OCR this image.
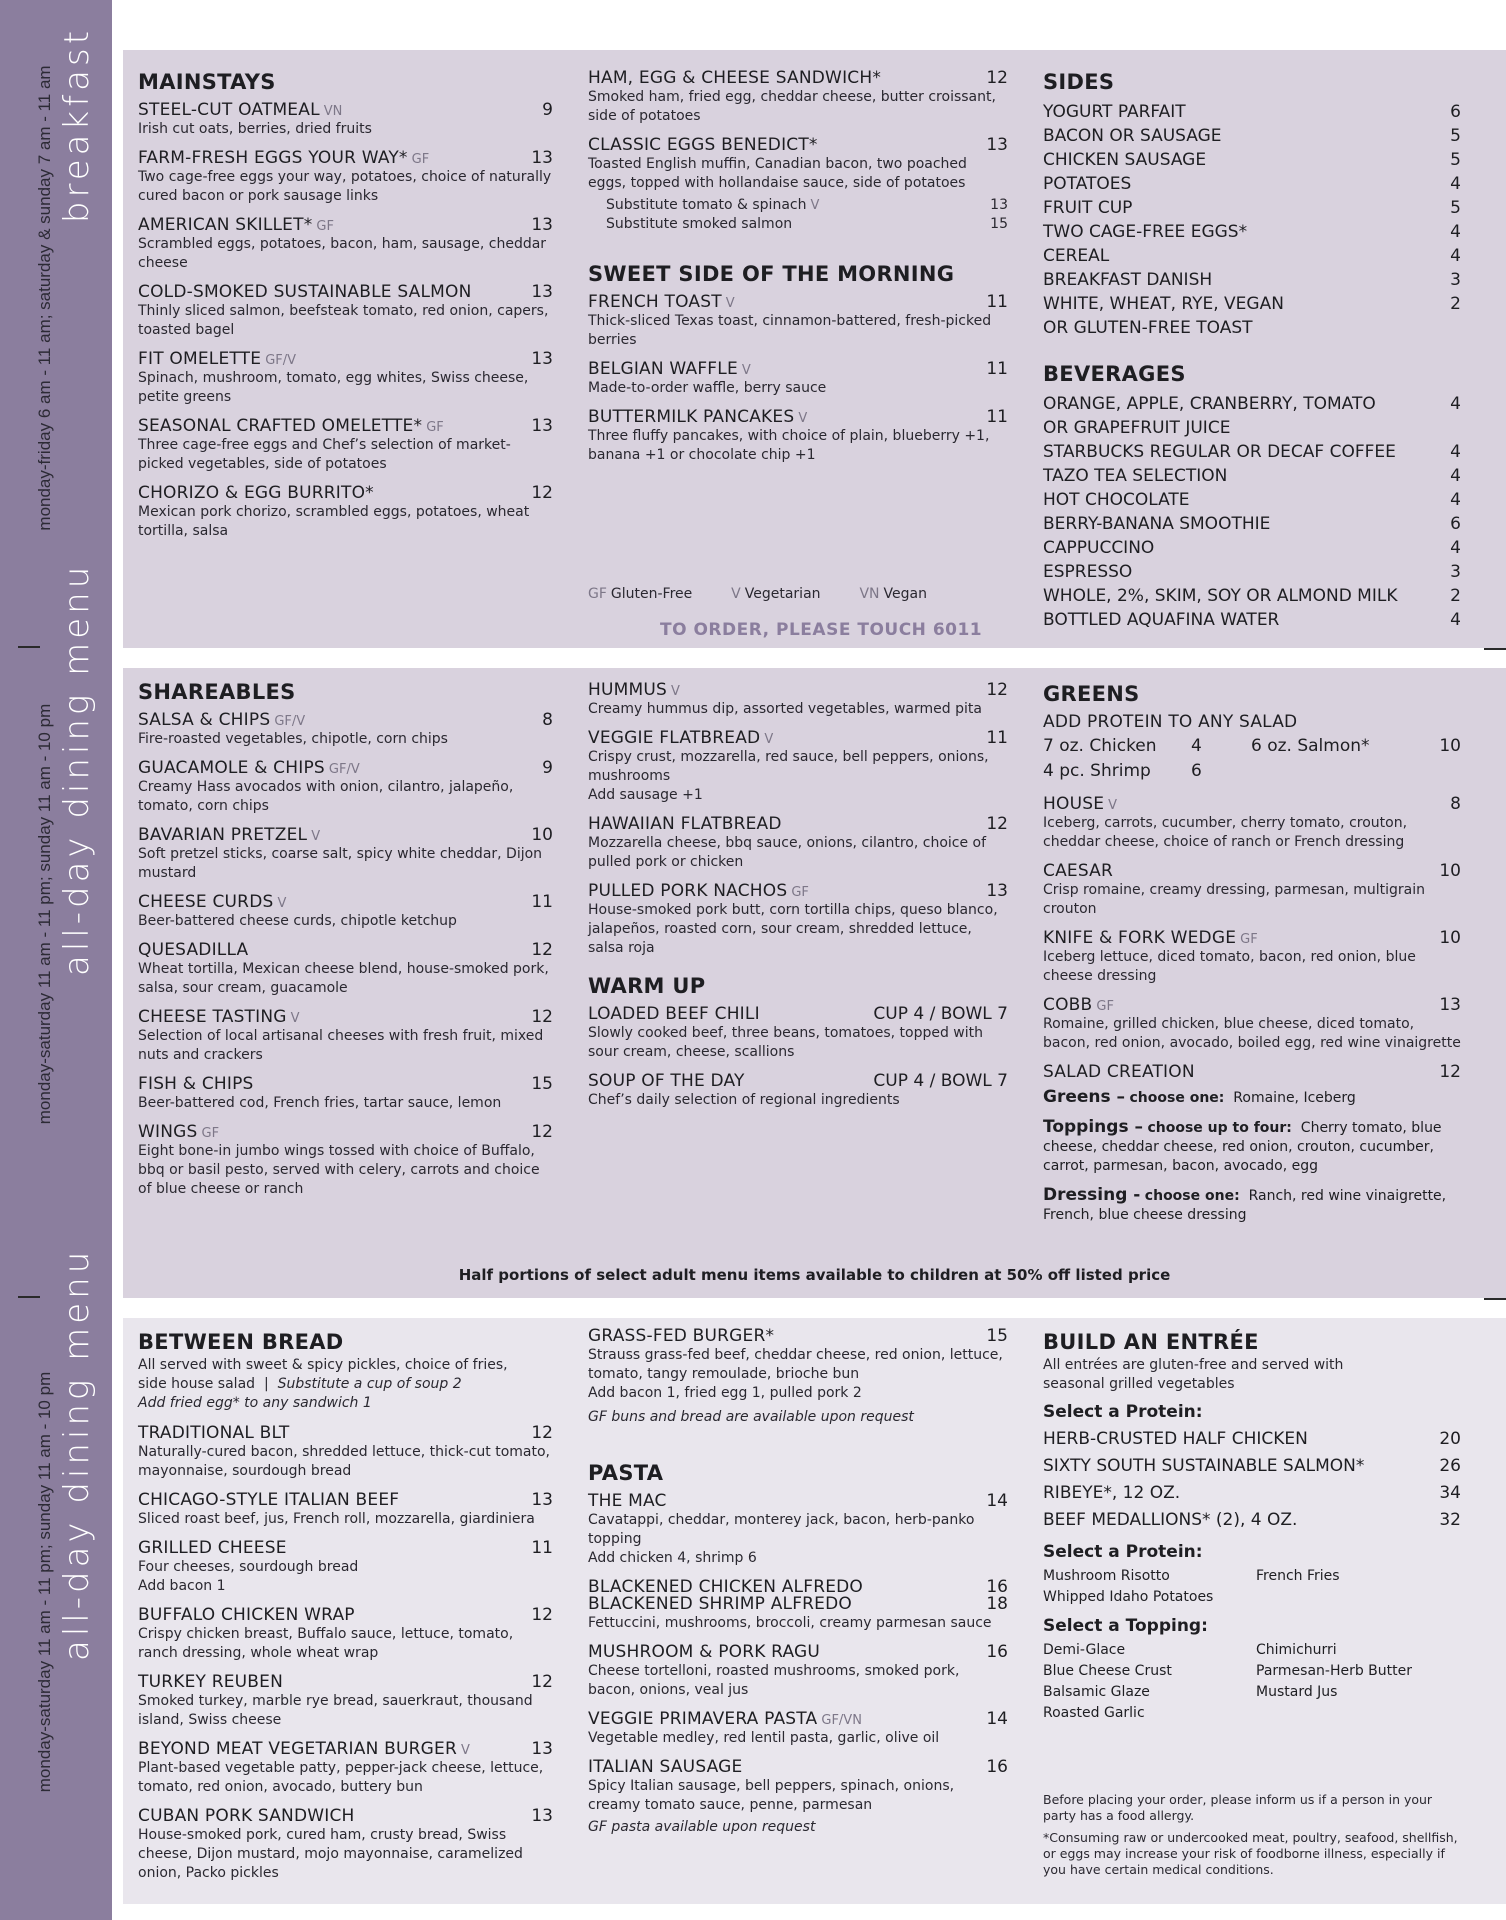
breakfast
monday-friday 6 am - 11 am; saturday & sunday 7 am - 11 am
all-day dining menu
monday-saturday 11 am - 11 pm; sunday 11 am - 10 pm
all-day dining menu
monday-saturday 11 am - 11 pm; sunday 11 am - 10 pm
MAINSTAYS
STEEL-CUT OATMEAL VN	9
Irish cut oats, berries, dried fruits
FARM-FRESH EGGS YOUR WAY* GF	13
Two cage-free eggs your way, potatoes, choice of naturally cured bacon or pork sausage links
AMERICAN SKILLET* GF	13
Scrambled eggs, potatoes, bacon, ham, sausage, cheddar cheese
COLD-SMOKED SUSTAINABLE SALMON	13
Thinly sliced salmon, beefsteak tomato, red onion, capers, toasted bagel
FIT OMELETTE GF/V	13
Spinach, mushroom, tomato, egg whites, Swiss cheese, petite greens
SEASONAL CRAFTED OMELETTE* GF	13
Three cage-free eggs and Chef’s selection of market-picked vegetables, side of potatoes
CHORIZO & EGG BURRITO*	12
Mexican pork chorizo, scrambled eggs, potatoes, wheat tortilla, salsa
HAM, EGG & CHEESE SANDWICH*	12
Smoked ham, fried egg, cheddar cheese, butter croissant, side of potatoes
CLASSIC EGGS BENEDICT*	13
Toasted English muffin, Canadian bacon, two poached eggs, topped with hollandaise sauce, side of potatoes
Substitute tomato & spinach V	13
Substitute smoked salmon	15
SWEET SIDE OF THE MORNING
FRENCH TOAST V	11
Thick-sliced Texas toast, cinnamon-battered, fresh-picked berries
BELGIAN WAFFLE V	11
Made-to-order waffle, berry sauce
BUTTERMILK PANCAKES V	11
Three fluffy pancakes, with choice of plain, blueberry +1, banana +1 or chocolate chip +1
GF Gluten-Free	V Vegetarian	VN Vegan
TO ORDER, PLEASE TOUCH 6011
SIDES
YOGURT PARFAIT	6
BACON OR SAUSAGE	5
CHICKEN SAUSAGE	5
POTATOES	4
FRUIT CUP	5
TWO CAGE-FREE EGGS*	4
CEREAL	4
BREAKFAST DANISH	3
WHITE, WHEAT, RYE, VEGAN	2
OR GLUTEN-FREE TOAST
BEVERAGES
ORANGE, APPLE, CRANBERRY, TOMATO	4
OR GRAPEFRUIT JUICE
STARBUCKS REGULAR OR DECAF COFFEE	4
TAZO TEA SELECTION	4
HOT CHOCOLATE	4
BERRY-BANANA SMOOTHIE	6
CAPPUCCINO	4
ESPRESSO	3
WHOLE, 2%, SKIM, SOY OR ALMOND MILK	2
BOTTLED AQUAFINA WATER	4
SHAREABLES
SALSA & CHIPS GF/V	8
Fire-roasted vegetables, chipotle, corn chips
GUACAMOLE & CHIPS GF/V	9
Creamy Hass avocados with onion, cilantro, jalapeño, tomato, corn chips
BAVARIAN PRETZEL V	10
Soft pretzel sticks, coarse salt, spicy white cheddar, Dijon mustard
CHEESE CURDS V	11
Beer-battered cheese curds, chipotle ketchup
QUESADILLA	12
Wheat tortilla, Mexican cheese blend, house-smoked pork, salsa, sour cream, guacamole
CHEESE TASTING V	12
Selection of local artisanal cheeses with fresh fruit, mixed nuts and crackers
FISH & CHIPS	15
Beer-battered cod, French fries, tartar sauce, lemon
WINGS GF	12
Eight bone-in jumbo wings tossed with choice of Buffalo, bbq or basil pesto, served with celery, carrots and choice of blue cheese or ranch
HUMMUS V	12
Creamy hummus dip, assorted vegetables, warmed pita
VEGGIE FLATBREAD V	11
Crispy crust, mozzarella, red sauce, bell peppers, onions, mushrooms
Add sausage +1
HAWAIIAN FLATBREAD	12
Mozzarella cheese, bbq sauce, onions, cilantro, choice of pulled pork or chicken
PULLED PORK NACHOS GF	13
House-smoked pork butt, corn tortilla chips, queso blanco, jalapeños, roasted corn, sour cream, shredded lettuce, salsa roja
WARM UP
LOADED BEEF CHILI	CUP 4 / BOWL 7
Slowly cooked beef, three beans, tomatoes, topped with sour cream, cheese, scallions
SOUP OF THE DAY	CUP 4 / BOWL 7
Chef’s daily selection of regional ingredients
GREENS
ADD PROTEIN TO ANY SALAD
7 oz. Chicken	4	6 oz. Salmon*	10
4 pc. Shrimp	6
HOUSE V	8
Iceberg, carrots, cucumber, cherry tomato, crouton, cheddar cheese, choice of ranch or French dressing
CAESAR	10
Crisp romaine, creamy dressing, parmesan, multigrain crouton
KNIFE & FORK WEDGE GF	10
Iceberg lettuce, diced tomato, bacon, red onion, blue cheese dressing
COBB GF	13
Romaine, grilled chicken, blue cheese, diced tomato, bacon, red onion, avocado, boiled egg, red wine vinaigrette
SALAD CREATION	12
Greens – choose one: Romaine, Iceberg
Toppings – choose up to four: Cherry tomato, blue cheese, cheddar cheese, red onion, crouton, cucumber, carrot, parmesan, bacon, avocado, egg
Dressing - choose one: Ranch, red wine vinaigrette, French, blue cheese dressing
Half portions of select adult menu items available to children at 50% off listed price
BETWEEN BREAD
All served with sweet & spicy pickles, choice of fries,
side house salad | Substitute a cup of soup 2
Add fried egg* to any sandwich 1
TRADITIONAL BLT	12
Naturally-cured bacon, shredded lettuce, thick-cut tomato, mayonnaise, sourdough bread
CHICAGO-STYLE ITALIAN BEEF	13
Sliced roast beef, jus, French roll, mozzarella, giardiniera
GRILLED CHEESE	11
Four cheeses, sourdough bread
Add bacon 1
BUFFALO CHICKEN WRAP	12
Crispy chicken breast, Buffalo sauce, lettuce, tomato, ranch dressing, whole wheat wrap
TURKEY REUBEN	12
Smoked turkey, marble rye bread, sauerkraut, thousand island, Swiss cheese
BEYOND MEAT VEGETARIAN BURGER V	13
Plant-based vegetable patty, pepper-jack cheese, lettuce, tomato, red onion, avocado, buttery bun
CUBAN PORK SANDWICH	13
House-smoked pork, cured ham, crusty bread, Swiss cheese, Dijon mustard, mojo mayonnaise, caramelized onion, Packo pickles
GRASS-FED BURGER*	15
Strauss grass-fed beef, cheddar cheese, red onion, lettuce, tomato, tangy remoulade, brioche bun
Add bacon 1, fried egg 1, pulled pork 2
GF buns and bread are available upon request
PASTA
THE MAC	14
Cavatappi, cheddar, monterey jack, bacon, herb-panko topping
Add chicken 4, shrimp 6
BLACKENED CHICKEN ALFREDO	16
BLACKENED SHRIMP ALFREDO	18
Fettuccini, mushrooms, broccoli, creamy parmesan sauce
MUSHROOM & PORK RAGU	16
Cheese tortelloni, roasted mushrooms, smoked pork, bacon, onions, veal jus
VEGGIE PRIMAVERA PASTA GF/VN	14
Vegetable medley, red lentil pasta, garlic, olive oil
ITALIAN SAUSAGE	16
Spicy Italian sausage, bell peppers, spinach, onions, creamy tomato sauce, penne, parmesan
GF pasta available upon request
BUILD AN ENTRÉE
All entrées are gluten-free and served with seasonal grilled vegetables
Select a Protein:
HERB-CRUSTED HALF CHICKEN	20
SIXTY SOUTH SUSTAINABLE SALMON*	26
RIBEYE*, 12 OZ.	34
BEEF MEDALLIONS* (2), 4 OZ.	32
Select a Protein:
Mushroom Risotto	French Fries
Whipped Idaho Potatoes
Select a Topping:
Demi-Glace	Chimichurri
Blue Cheese Crust	Parmesan-Herb Butter
Balsamic Glaze	Mustard Jus
Roasted Garlic
Before placing your order, please inform us if a person in your party has a food allergy.
*Consuming raw or undercooked meat, poultry, seafood, shellfish, or eggs may increase your risk of foodborne illness, especially if you have certain medical conditions.
